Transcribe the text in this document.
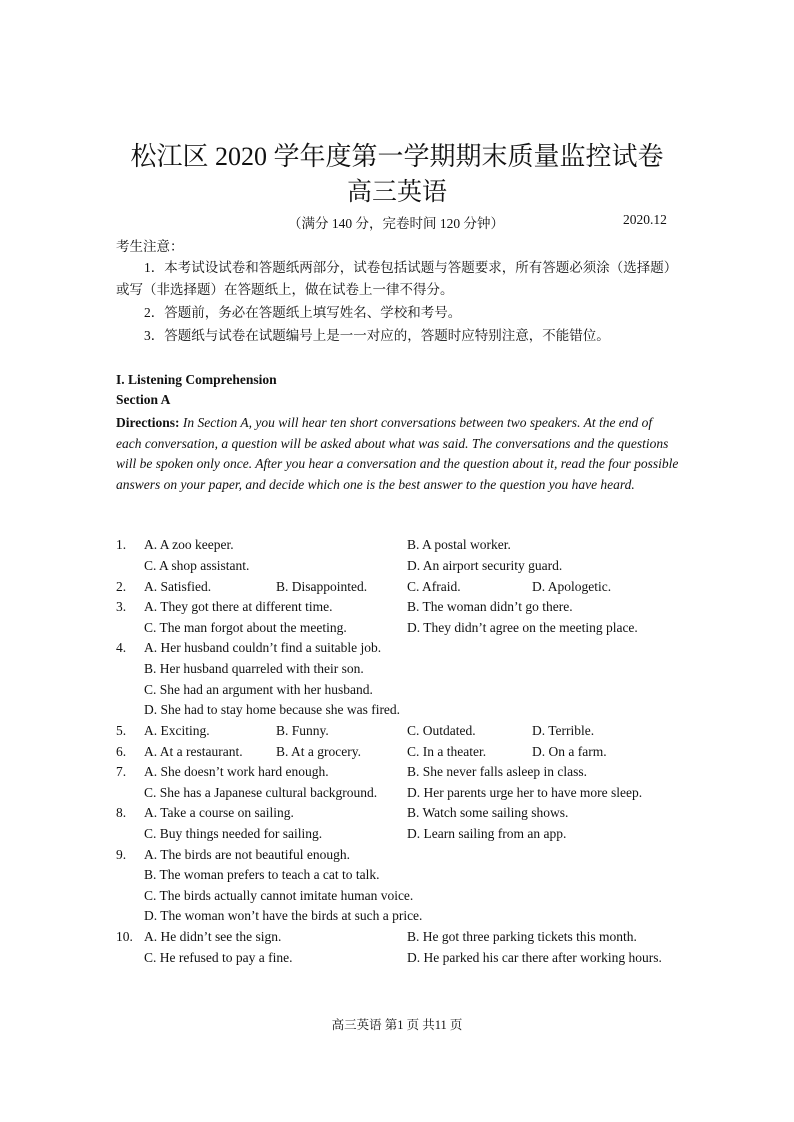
松江区 2020 学年度第一学期期末质量监控试卷
高三英语
（满分 140 分，完卷时间 120 分钟）	2020.12
考生注意：
1．本考试设试卷和答题纸两部分，试卷包括试题与答题要求，所有答题必须涂（选择题）或写（非选择题）在答题纸上，做在试卷上一律不得分。
2．答题前，务必在答题纸上填写姓名、学校和考号。
3．答题纸与试卷在试题编号上是一一对应的，答题时应特别注意，不能错位。
I. Listening Comprehension
Section A
Directions: In Section A, you will hear ten short conversations between two speakers. At the end of each conversation, a question will be asked about what was said. The conversations and the questions will be spoken only once. After you hear a conversation and the question about it, read the four possible answers on your paper, and decide which one is the best answer to the question you have heard.
1. A. A zoo keeper.	B. A postal worker.
C. A shop assistant.	D. An airport security guard.
2. A. Satisfied.	B. Disappointed.	C. Afraid.	D. Apologetic.
3. A. They got there at different time.	B. The woman didn’t go there.
C. The man forgot about the meeting.	D. They didn’t agree on the meeting place.
4. A. Her husband couldn’t find a suitable job.
B. Her husband quarreled with their son.
C. She had an argument with her husband.
D. She had to stay home because she was fired.
5. A. Exciting.	B. Funny.	C. Outdated.	D. Terrible.
6. A. At a restaurant. B. At a grocery.	C. In a theater.	D. On a farm.
7. A. She doesn’t work hard enough.	B. She never falls asleep in class.
C. She has a Japanese cultural background. D. Her parents urge her to have more sleep.
8. A. Take a course on sailing.	B. Watch some sailing shows.
C. Buy things needed for sailing.	D. Learn sailing from an app.
9. A. The birds are not beautiful enough.
B. The woman prefers to teach a cat to talk.
C. The birds actually cannot imitate human voice.
D. The woman won’t have the birds at such a price.
10. A. He didn’t see the sign.	B. He got three parking tickets this month.
C. He refused to pay a fine.	D. He parked his car there after working hours.
高三英语 第1 页 共11 页
